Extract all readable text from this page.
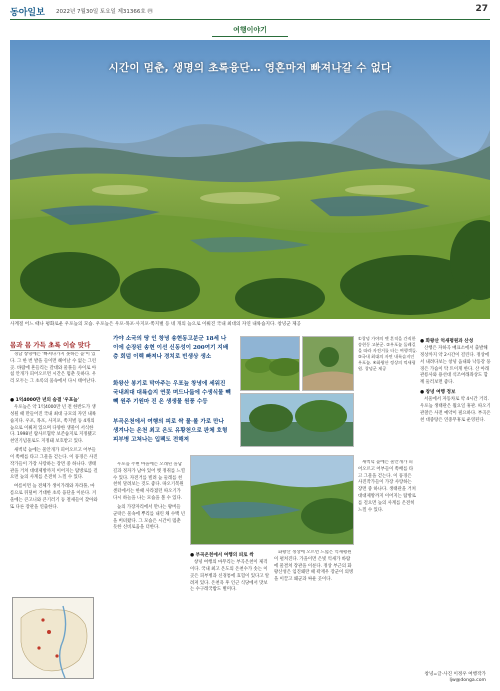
동아일보 2022년 7월30일 토요일 제31366호 ㊃	27
여행이야기
시간이 멈춘, 생명의 초록융단… 영혼마저 빠져나갈 수 없다
사계절 어느 때나 평화로운 우포늪의 모습. 우포늪은 우포·목포·사지포·쪽지벌 등 네 개의 늪으로 이뤄진 국내 최대의 자연 내륙습지다. 창녕군 제공
몸과 몸 가득 초록 이슬 맞다

경남 창녕에는 '빠져나가지 못하는 늪'이 있다. 그 한 번 발을 들이면 헤어날 수 없는 그런 곳. 바람에 흔들리는 갈대와 물풀들 사이로 아침 안개가 피어오르면 시간은 멈춘 듯하다. 우리 모두는 그 초록의 품속에서 다시 태어난다.

● 1억4000만 년의 숨결 '우포늪'

우포늪은 약 1억4000만 년 전 한반도가 생성될 때 만들어진 국내 최대 규모의 자연 내륙습지다. 우포, 목포, 사지포, 쪽지벌 등 4개의 늪으로 이뤄져 있으며 다양한 생물이 서식한다. 1998년 람사르협약 보존습지로 지정됐고 천연기념물로도 지정돼 보호받고 있다.

새벽녘 늪에는 물안개가 피어오르고 어부들이 쪽배를 타고 그물을 걷는다. 이 풍경은 사진작가들이 가장 사랑하는 장면 중 하나다. 생태관을 거쳐 대대제방까지 이어지는 탐방로를 걸으면 늪의 사계를 온전히 느낄 수 있다.

여름이면 늪 전체가 생이가래와 자라풀, 마름으로 뒤덮여 거대한 초록 융단을 이룬다. 겨울에는 큰고니와 큰기러기 등 철새들이 찾아와 또 다른 장관을 연출한다.

가야 소국의 땅 인 창녕 송현동고분군 18세 나이에 순장된 송현 이선 신동성이 200여기 지배층 회덤 이렉 빠져나 경치로 빈생상 생소
화왕산 봉기로 막아주는 우포늪 창녕에 세워진 국내최대 대륙습지 연못 며드나듦에 수생식물 빽빽 원주 기원마 진 온 생생물 원풍 수등
부곡온천에서 여행의 피로 싹 물·볼 가로 만나 생겨나는 온천 최고 온도 유황천으로 판체 호형 피부병 고쳐나는 입팩도 전해져
①창녕 가야의 옛 흔적을 간직한 송현동 고분군. ②우포늪 둘레길을 따라 자전거를 타는 여행객들. ③국내 최대의 자연 내륙습지인 우포늪. ④화왕산 정상의 억새평원. 창녕군 제공

우포늪 주변 마을에는 오래된 돌담길과 정자가 남아 있어 옛 정취를 느낄 수 있다. 자전거를 빌려 늪 둘레를 천천히 달려보는 것도 좋다. 따오기복원센터에서는 한때 사라졌던 따오기가 다시 하늘을 나는 모습을 볼 수 있다.

늪의 가장자리에서 만나는 왕버들 군락은 물속에 뿌리를 내린 채 수백 년을 버텨왔다. 그 모습은 시간이 멈춘 듯한 신비로움을 더한다.

● 부곡온천에서 여행의 피로 싹

창녕 여행의 마무리는 부곡온천이 제격이다. 국내 최고 온도의 온천수가 솟는 이곳은 피부병과 신경통에 효험이 있다고 알려져 있다. 온천욕 후 인근 식당에서 맛보는 수구레국밥도 별미다.

화왕산 정상에 오르면 드넓은 억새평원이 펼쳐진다. 가을이면 은빛 억새가 바람에 물결쳐 장관을 이룬다. 정상 부근의 화왕산성은 임진왜란 때 곽재우 장군이 의병을 이끌고 왜군과 싸운 곳이다.

● 화왕산 억새평원과 산성

산행은 자하곡 매표소에서 출발해 정상까지 약 2시간이 걸린다. 정상에서 내려다보는 창녕 읍내와 낙동강 풍경은 가슴이 탁 트이게 한다. 산 아래 관룡사와 용선대 석조여래좌상도 함께 둘러보면 좋다.

● 창녕 여행 정보

서울에서 자동차로 약 4시간 거리. 우포늪 생태관은 월요일 휴관. 따오기 관찰은 사전 예약이 필요하다. 부곡온천 대중탕은 연중무휴로 운영된다.

새벽녘 늪에는 물안개가 피어오르고 어부들이 쪽배를 타고 그물을 걷는다. 이 풍경은 사진작가들이 가장 사랑하는 장면 중 하나다. 생태관을 거쳐 대대제방까지 이어지는 탐방로를 걸으면 늪의 사계를 온전히 느낄 수 있다.

창녕=글·사진 이정우 여행작가
ljw@donga.com
